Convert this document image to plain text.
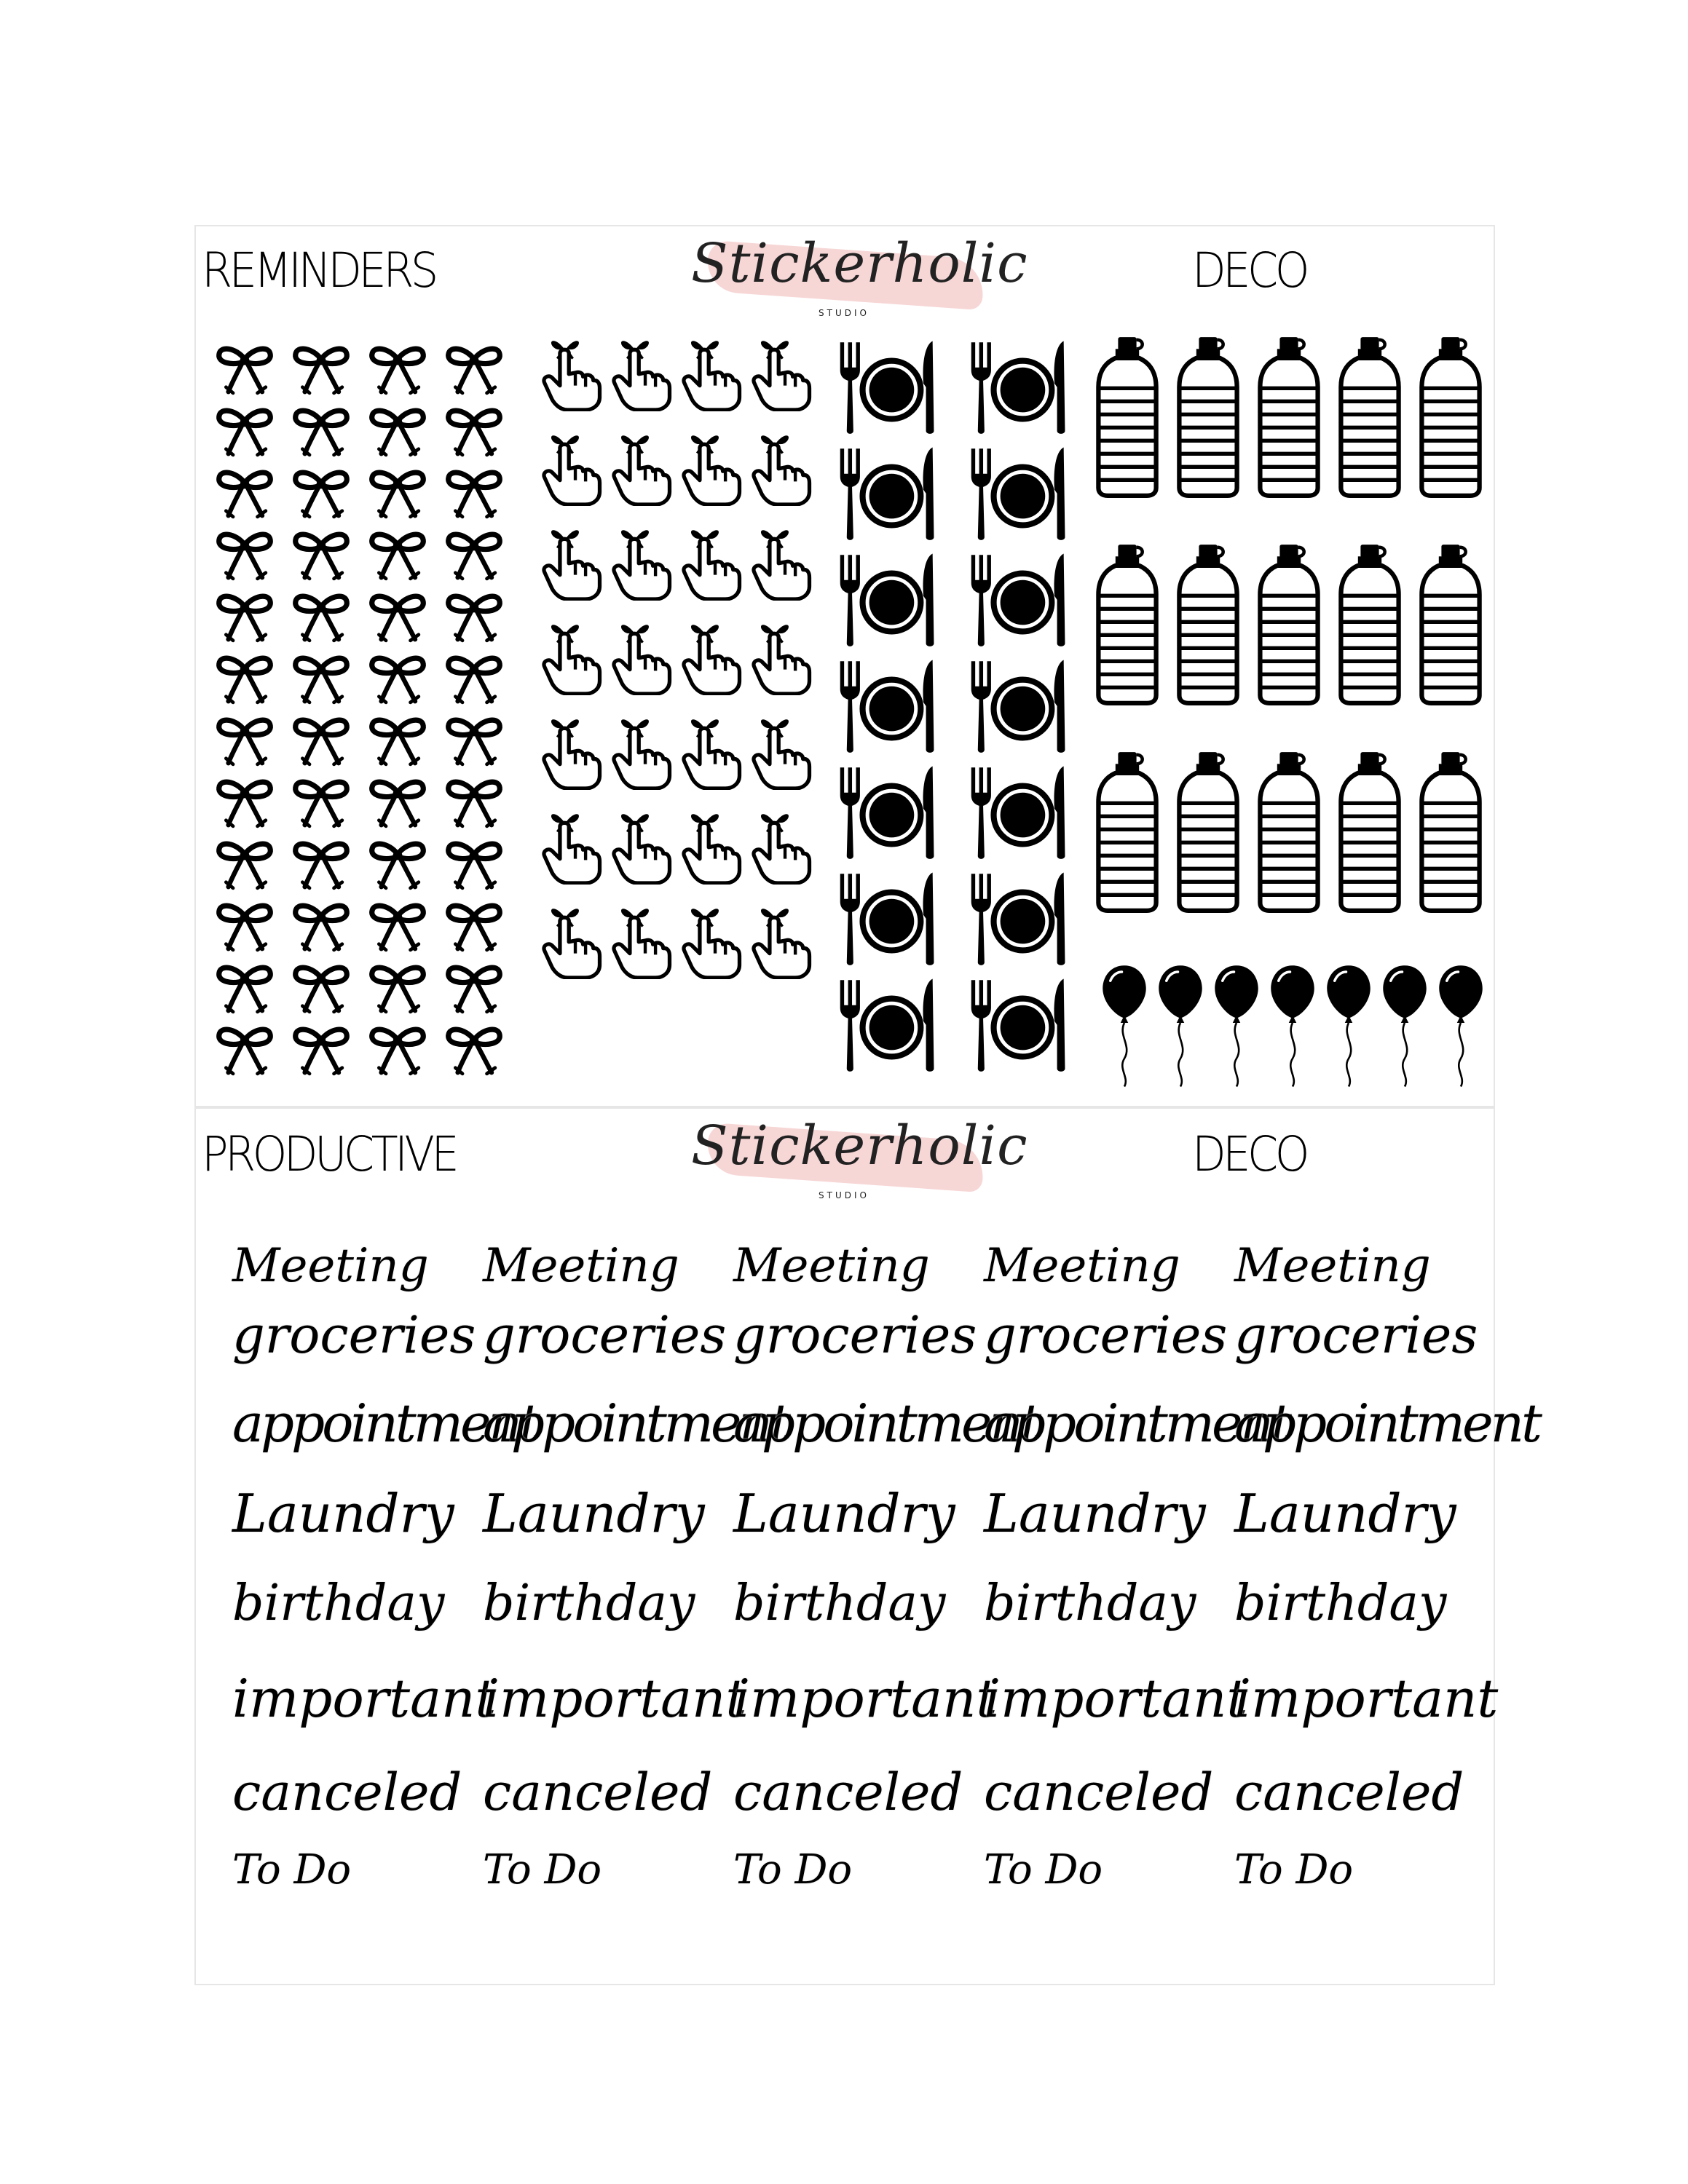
REMINDERS	Stickerholic
STUDIO
DECO
PRODUCTIVE	Stickerholic
STUDIO
DECO
Meeting
groceries
appointment
Laundry
birthday
important
canceled
To Do
Meeting
groceries
appointment
Laundry
birthday
important
canceled
To Do
Meeting
groceries
appointment
Laundry
birthday
important
canceled
To Do
Meeting
groceries
appointment
Laundry
birthday
important
canceled
To Do
Meeting
groceries
appointment
Laundry
birthday
important
canceled
To Do
